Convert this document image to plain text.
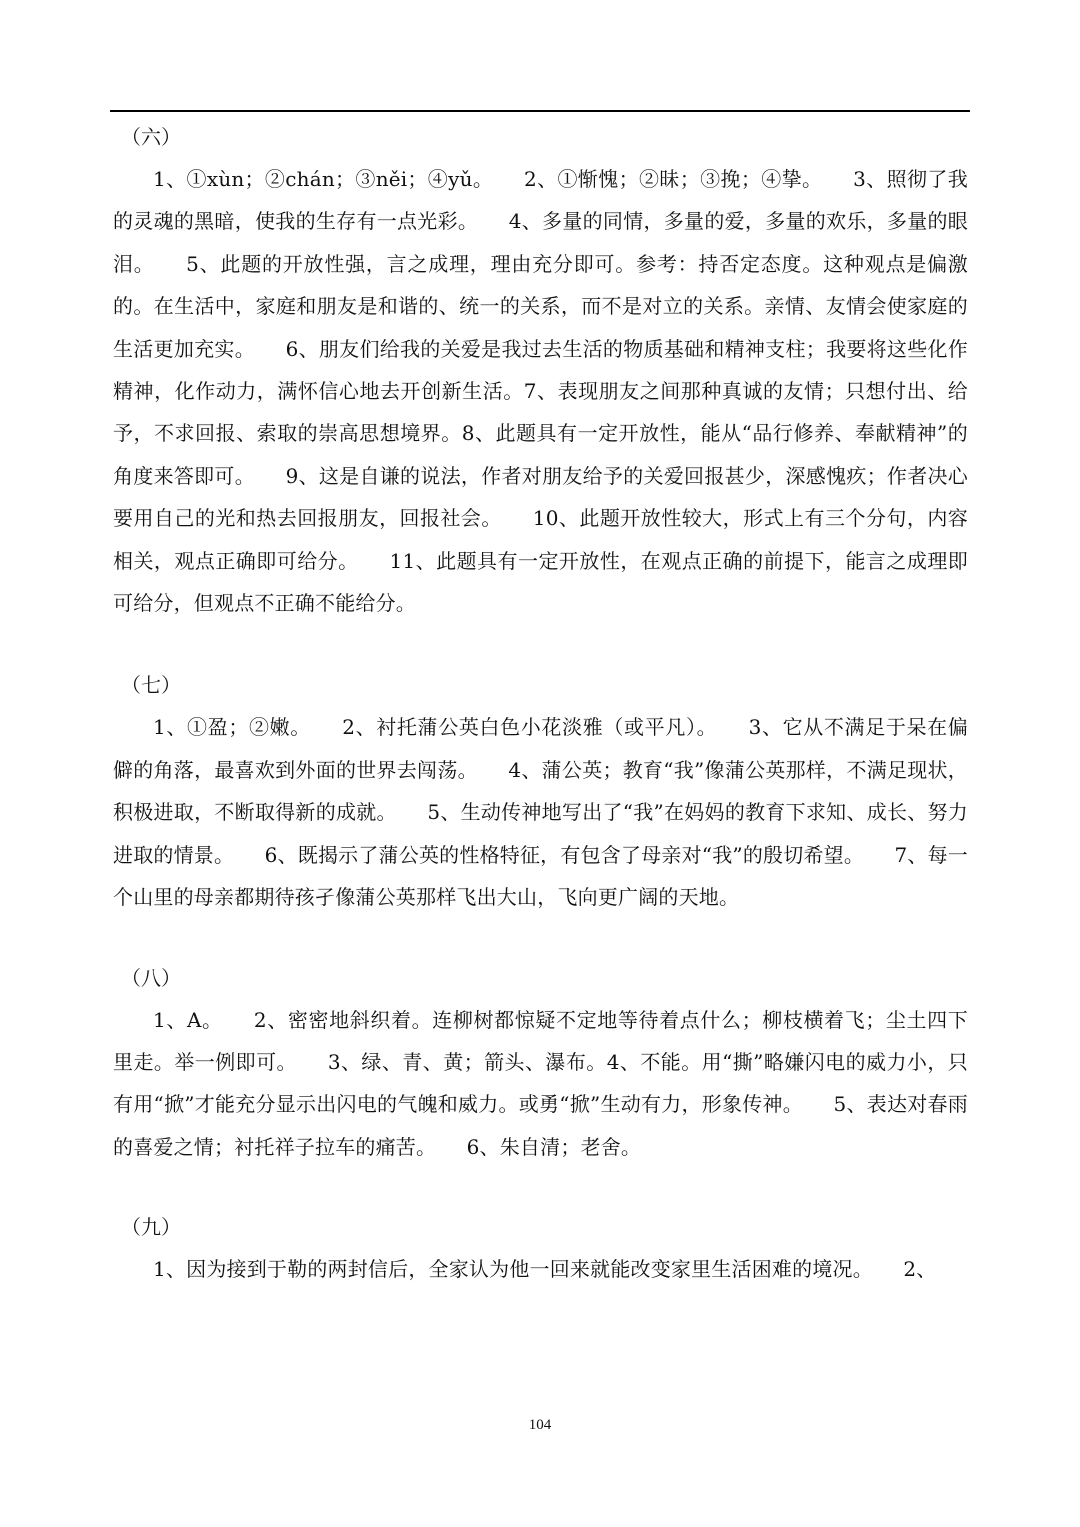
（六）

1、①xùn；②chán；③něi；④yǔ。　　2、①惭愧；②昧；③挽；④挚。　　3、照彻了我的灵魂的黑暗，使我的生存有一点光彩。　　4、多量的同情，多量的爱，多量的欢乐，多量的眼泪。　　5、此题的开放性强，言之成理，理由充分即可。参考：持否定态度。这种观点是偏激的。在生活中，家庭和朋友是和谐的、统一的关系，而不是对立的关系。亲情、友情会使家庭的生活更加充实。　　6、朋友们给我的关爱是我过去生活的物质基础和精神支柱；我要将这些化作精神，化作动力，满怀信心地去开创新生活。7、表现朋友之间那种真诚的友情；只想付出、给予，不求回报、索取的崇高思想境界。8、此题具有一定开放性，能从“品行修养、奉献精神”的角度来答即可。　　9、这是自谦的说法，作者对朋友给予的关爱回报甚少，深感愧疚；作者决心要用自己的光和热去回报朋友，回报社会。　　10、此题开放性较大，形式上有三个分句，内容相关，观点正确即可给分。　　11、此题具有一定开放性，在观点正确的前提下，能言之成理即可给分，但观点不正确不能给分。

（七）

1、①盈；②嫩。　　2、衬托蒲公英白色小花淡雅（或平凡）。　　3、它从不满足于呆在偏僻的角落，最喜欢到外面的世界去闯荡。　　4、蒲公英；教育“我”像蒲公英那样，不满足现状，积极进取，不断取得新的成就。　　5、生动传神地写出了“我”在妈妈的教育下求知、成长、努力进取的情景。　　6、既揭示了蒲公英的性格特征，有包含了母亲对“我”的殷切希望。　　7、每一个山里的母亲都期待孩孑像蒲公英那样飞出大山，飞向更广阔的天地。

（八）

1、A。　　2、密密地斜织着。连柳树都惊疑不定地等待着点什么；柳枝横着飞；尘土四下里走。举一例即可。　　3、绿、青、黄；箭头、瀑布。4、不能。用“撕”略嫌闪电的威力小，只有用“掀”才能充分显示出闪电的气魄和威力。或勇“掀”生动有力，形象传神。　　5、表达对春雨的喜爱之情；衬托祥子拉车的痛苦。　　6、朱自清；老舍。

（九）

1、因为接到于勒的两封信后，全家认为他一回来就能改变家里生活困难的境况。　　2、

104
